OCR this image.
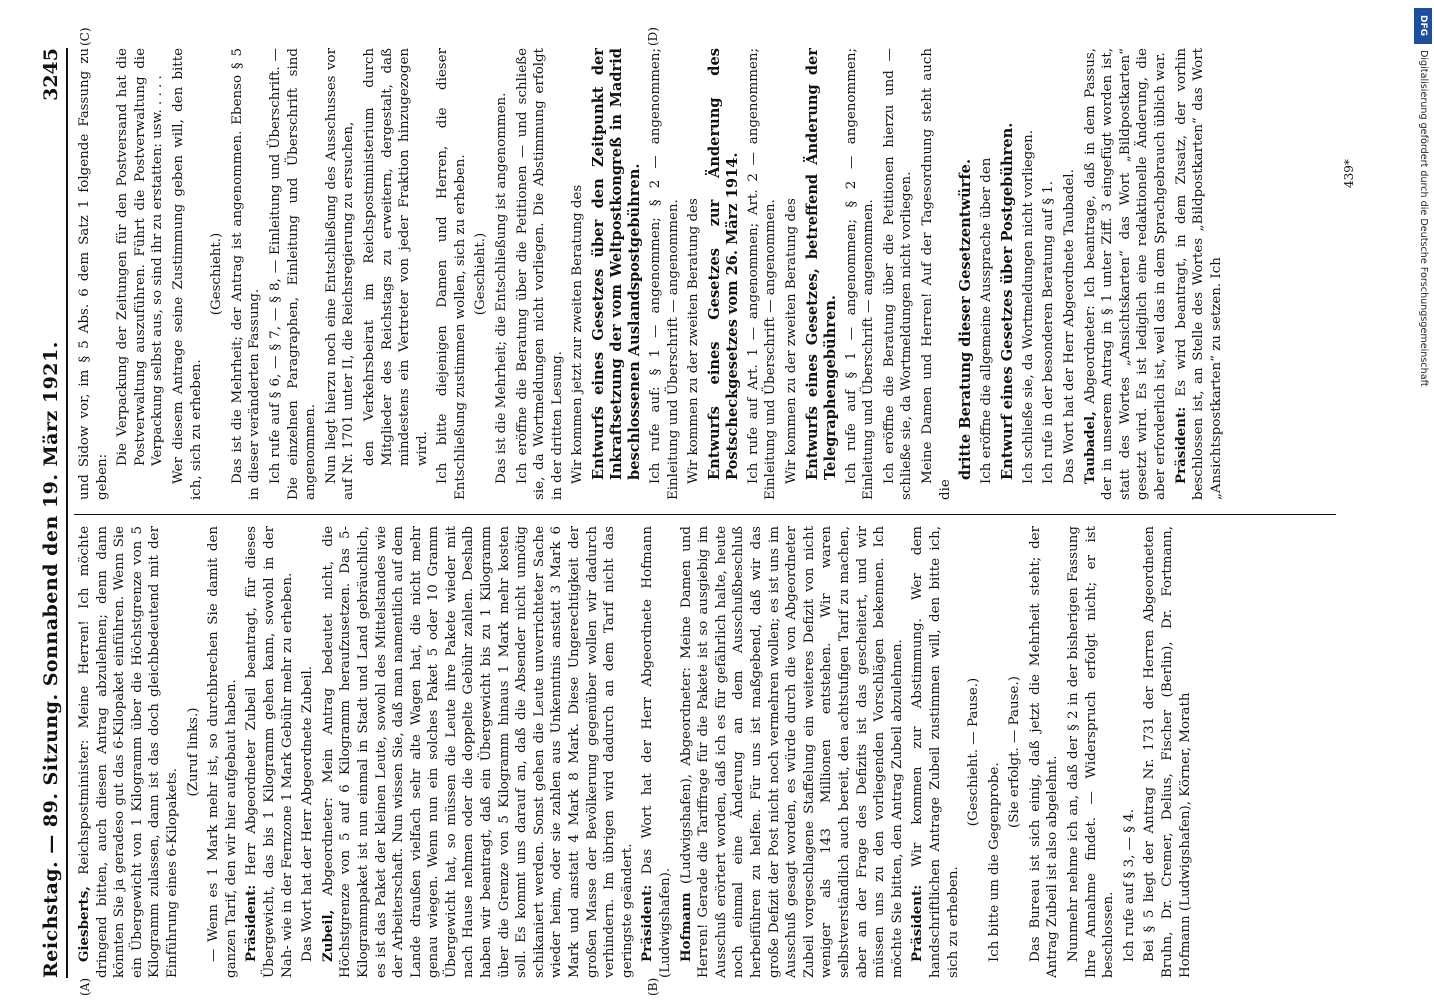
Reichstag. — 89. Sitzung. Sonnabend den 19. März 1921.
3245
(A)	(B)
(C)	(D)

Giesberts, Reichspostminister: Meine Herren! Ich möchte dringend bitten, auch diesen Antrag abzulehnen; denn dann könnten Sie ja geradeso gut das 6-Kilopaket einführen. Wenn Sie ein Übergewicht von 1 Kilogramm über die Höchstgrenze von 5 Kilogramm zulassen, dann ist das doch gleichbedeutend mit der Einführung eines 6-Kilopakets.

(Zuruf links.) — Wenn es 1 Mark mehr ist, so durchbrechen Sie damit den ganzen Tarif, den wir hier aufgebaut haben. Präsident: Herr Abgeordneter Zubeil beantragt, für dieses Übergewicht, das bis 1 Kilogramm gehen kann, sowohl in der Nah- wie in der Fernzone 1 Mark Gebühr mehr zu erheben. Das Wort hat der Herr Abgeordnete Zubeil. Zubeil, Abgeordneter: Mein Antrag bedeutet nicht, die Höchstgrenze von 5 auf 6 Kilogramm heraufzusetzen. Das 5-Kilogrammpaket ist nun einmal in Stadt und Land gebräuchlich, es ist das Paket der kleinen Leute, sowohl des Mittelstandes wie der Arbeiterschaft. Nun wissen Sie, daß man namentlich auf dem Lande draußen vielfach sehr alte Wagen hat, die nicht mehr genau wiegen. Wenn nun ein solches Paket 5 oder 10 Gramm Übergewicht hat, so müssen die Leute ihre Pakete wieder mit nach Hause nehmen oder die doppelte Gebühr zahlen. Deshalb haben wir beantragt, daß ein Übergewicht bis zu 1 Kilogramm über die Grenze von 5 Kilogramm hinaus 1 Mark mehr kosten soll. Es kommt uns darauf an, daß die Absender nicht unnötig schikaniert werden. Sonst gehen die Leute unverrichteter Sache wieder heim, oder sie zahlen aus Unkenntnis anstatt 3 Mark 6 Mark und anstatt 4 Mark 8 Mark. Diese Ungerechtigkeit der großen Masse der Bevölkerung gegenüber wollen wir dadurch verhindern. Im übrigen wird dadurch an dem Tarif nicht das geringste geändert. Präsident: Das Wort hat der Herr Abgeordnete Hofmann (Ludwigshafen). Hofmann (Ludwigshafen), Abgeordneter: Meine Damen und Herren! Gerade die Tariffrage für die Pakete ist so ausgiebig im Ausschuß erörtert worden, daß ich es für gefährlich halte, heute noch einmal eine Änderung an dem Ausschußbeschluß herbeiführen zu helfen. Für uns ist maßgebend, daß wir das große Defizit der Post nicht noch vermehren wollen; es ist uns im Ausschuß gesagt worden, es würde durch die von Abgeordneter Zubeil vorgeschlagene Staffelung ein weiteres Defizit von nicht weniger als 143 Millionen entstehen. Wir waren selbstverständlich auch bereit, den achtstufigen Tarif zu machen, aber an der Frage des Defizits ist das gescheitert, und wir müssen uns zu den vorliegenden Vorschlägen bekennen. Ich möchte Sie bitten, den Antrag Zubeil abzulehnen. Präsident: Wir kommen zur Abstimmung. Wer dem handschriftlichen Antrage Zubeil zustimmen will, den bitte ich, sich zu erheben.

(Geschieht. — Pause.)

Ich bitte um die Gegenprobe.

(Sie erfolgt. — Pause.) Das Bureau ist sich einig, daß jetzt die Mehrheit steht; der Antrag Zubeil ist also abgelehnt. Nunmehr nehme ich an, daß der § 2 in der bisherigen Fassung Ihre Annahme findet. — Widerspruch erfolgt nicht; er ist beschlossen. Ich rufe auf § 3, — § 4. Bei § 5 liegt der Antrag Nr. 1731 der Herren Abgeordneten Bruhn, Dr. Cremer, Delius, Fischer (Berlin), Dr. Fortmann, Hofmann (Ludwigshafen), Körner, Morath

und Sidow vor, im § 5 Abs. 6 dem Satz 1 folgende Fassung zu geben:

Die Verpackung der Zeitungen für den Postversand hat die Postverwaltung auszuführen. Führt die Postverwaltung die Verpackung selbst aus, so sind ihr zu erstatten: usw. . . . . Wer diesem Antrage seine Zustimmung geben will, den bitte ich, sich zu erheben.

(Geschieht.) Das ist die Mehrheit; der Antrag ist angenommen. Ebenso § 5 in dieser veränderten Fassung. Ich rufe auf § 6, — § 7, — § 8, — Einleitung und Überschrift. — Die einzelnen Paragraphen, Einleitung und Überschrift sind angenommen. Nun liegt hierzu noch eine Entschließung des Ausschusses vor auf Nr. 1701 unter II, die Reichsregierung zu ersuchen, den Verkehrsbeirat im Reichspostministerium durch Mitglieder des Reichstags zu erweitern, dergestalt, daß mindestens ein Vertreter von jeder Fraktion hinzugezogen wird. Ich bitte diejenigen Damen und Herren, die dieser Entschließung zustimmen wollen, sich zu erheben. (Geschieht.) Das ist die Mehrheit; die Entschließung ist angenommen. Ich eröffne die Beratung über die Petitionen — und schließe sie, da Wortmeldungen nicht vorliegen. Die Abstimmung erfolgt in der dritten Lesung. Wir kommen jetzt zur zweiten Beratung des Entwurfs eines Gesetzes über den Zeitpunkt der Inkraftsetzung der vom Weltpostkongreß in Madrid beschlossenen Auslandspostgebühren. Ich rufe auf: § 1 — angenommen; § 2 — angenommen; Einleitung und Überschrift — angenommen. Wir kommen zu der zweiten Beratung des Entwurfs eines Gesetzes zur Änderung des Postscheckgesetzes vom 26. März 1914. Ich rufe auf Art. 1 — angenommen; Art. 2 — angenommen; Einleitung und Überschrift — angenommen. Wir kommen zu der zweiten Beratung des Entwurfs eines Gesetzes, betreffend Änderung der Telegraphengebühren. Ich rufe auf § 1 — angenommen; § 2 — angenommen; Einleitung und Überschrift — angenommen. Ich eröffne die Beratung über die Petitionen hierzu und — schließe sie, da Wortmeldungen nicht vorliegen. Meine Damen und Herren! Auf der Tagesordnung steht auch die

dritte Beratung dieser Gesetzentwürfe. Ich eröffne die allgemeine Aussprache über den Entwurf eines Gesetzes über Postgebühren. Ich schließe sie, da Wortmeldungen nicht vorliegen. Ich rufe in der besonderen Beratung auf § 1. Das Wort hat der Herr Abgeordnete Taubadel. Taubadel, Abgeordneter: Ich beantrage, daß in dem Passus, der in unserem Antrag in § 1 unter Ziff. 3 eingefügt worden ist, statt des Wortes „Ansichtskarten“ das Wort „Bildpostkarten“ gesetzt wird. Es ist lediglich eine redaktionelle Änderung, die aber erforderlich ist, weil das in dem Sprachgebrauch üblich war. Präsident: Es wird beantragt, in dem Zusatz, der vorhin beschlossen ist, an Stelle des Wortes „Bildpostkarten“ das Wort „Ansichtspostkarten“ zu setzen. Ich

439*	Digitalisierung gefördert durch die Deutsche Forschungsgemeinschaft
DFG
